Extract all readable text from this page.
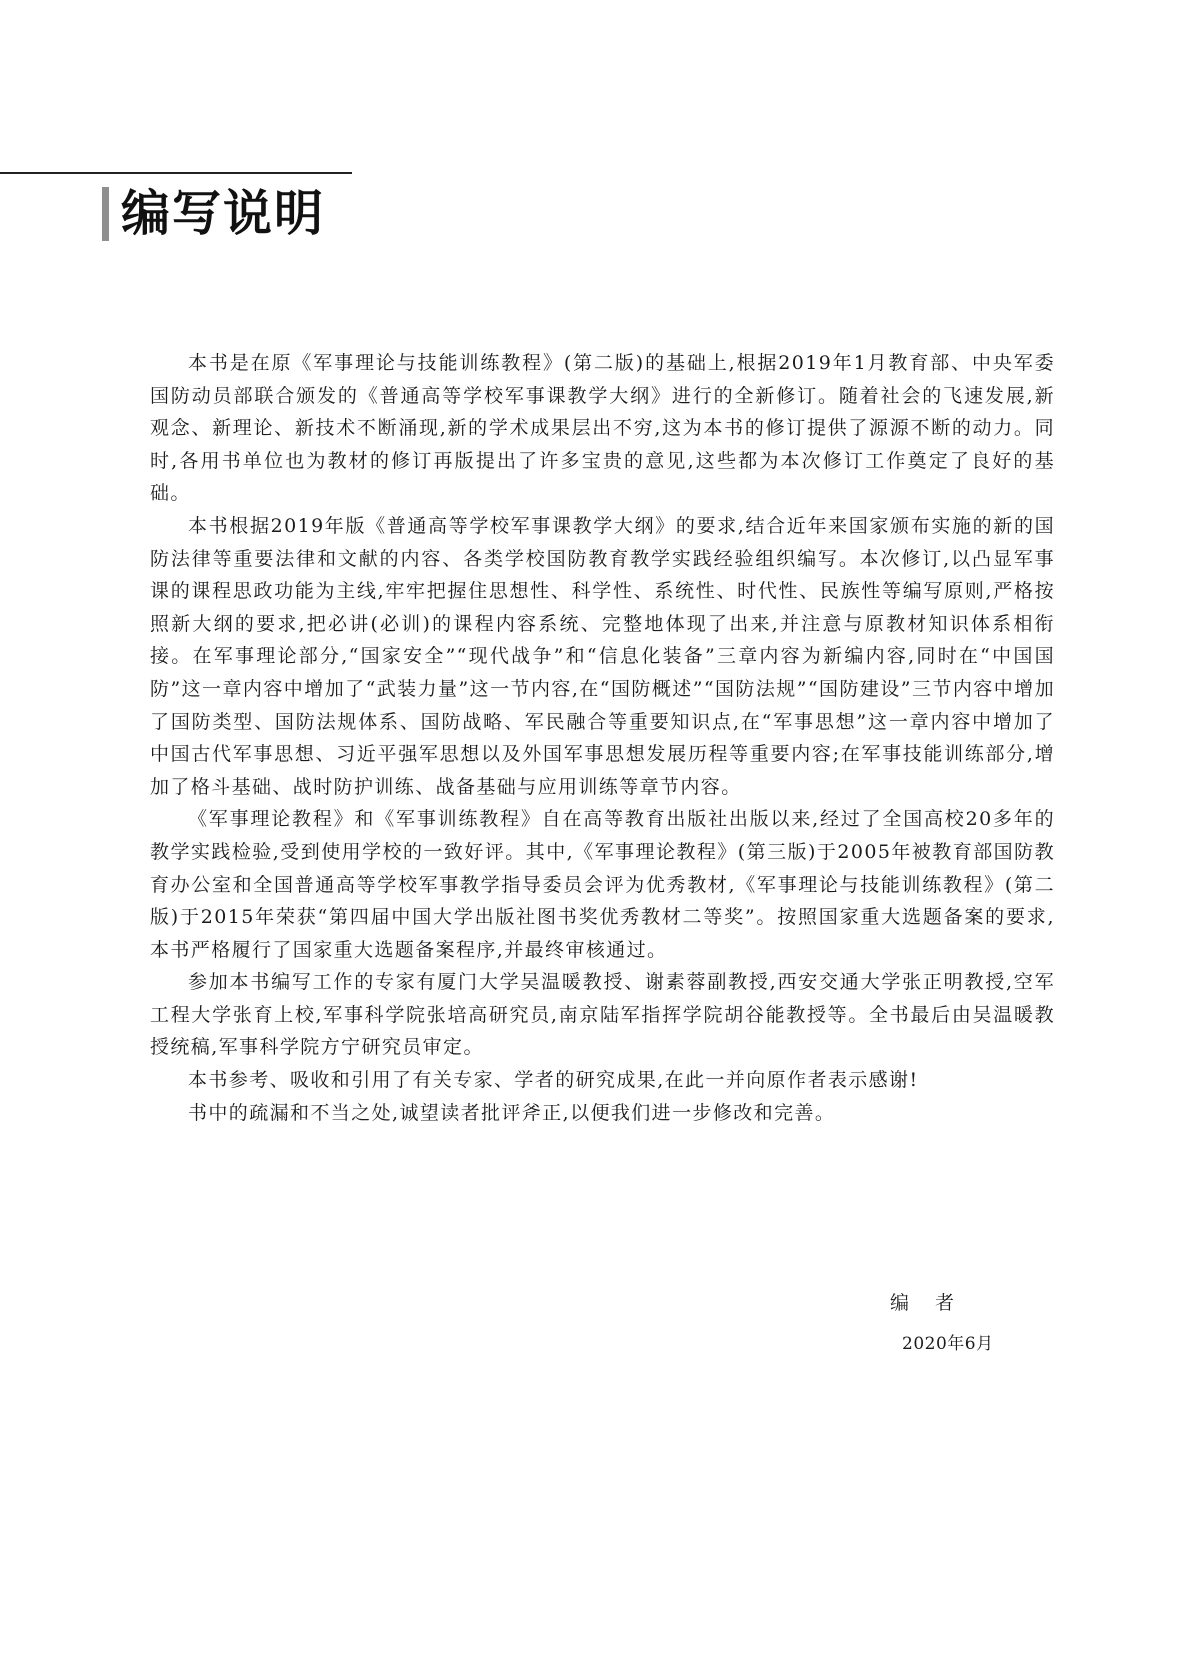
编写说明

本书是在原《军事理论与技能训练教程》(第二版)的基础上,根据2019年1月教育部、中央军委国防动员部联合颁发的《普通高等学校军事课教学大纲》进行的全新修订。随着社会的飞速发展,新观念、新理论、新技术不断涌现,新的学术成果层出不穷,这为本书的修订提供了源源不断的动力。同时,各用书单位也为教材的修订再版提出了许多宝贵的意见,这些都为本次修订工作奠定了良好的基础。

本书根据2019年版《普通高等学校军事课教学大纲》的要求,结合近年来国家颁布实施的新的国防法律等重要法律和文献的内容、各类学校国防教育教学实践经验组织编写。本次修订,以凸显军事课的课程思政功能为主线,牢牢把握住思想性、科学性、系统性、时代性、民族性等编写原则,严格按照新大纲的要求,把必讲(必训)的课程内容系统、完整地体现了出来,并注意与原教材知识体系相衔接。在军事理论部分,“国家安全”“现代战争”和“信息化装备”三章内容为新编内容,同时在“中国国防”这一章内容中增加了“武装力量”这一节内容,在“国防概述”“国防法规”“国防建设”三节内容中增加了国防类型、国防法规体系、国防战略、军民融合等重要知识点,在“军事思想”这一章内容中增加了中国古代军事思想、习近平强军思想以及外国军事思想发展历程等重要内容;在军事技能训练部分,增加了格斗基础、战时防护训练、战备基础与应用训练等章节内容。

《军事理论教程》和《军事训练教程》自在高等教育出版社出版以来,经过了全国高校20多年的教学实践检验,受到使用学校的一致好评。其中,《军事理论教程》(第三版)于2005年被教育部国防教育办公室和全国普通高等学校军事教学指导委员会评为优秀教材,《军事理论与技能训练教程》(第二版)于2015年荣获“第四届中国大学出版社图书奖优秀教材二等奖”。按照国家重大选题备案的要求,本书严格履行了国家重大选题备案程序,并最终审核通过。

参加本书编写工作的专家有厦门大学吴温暖教授、谢素蓉副教授,西安交通大学张正明教授,空军工程大学张育上校,军事科学院张培高研究员,南京陆军指挥学院胡谷能教授等。全书最后由吴温暖教授统稿,军事科学院方宁研究员审定。

本书参考、吸收和引用了有关专家、学者的研究成果,在此一并向原作者表示感谢!

书中的疏漏和不当之处,诚望读者批评斧正,以便我们进一步修改和完善。

编者
2020年6月
